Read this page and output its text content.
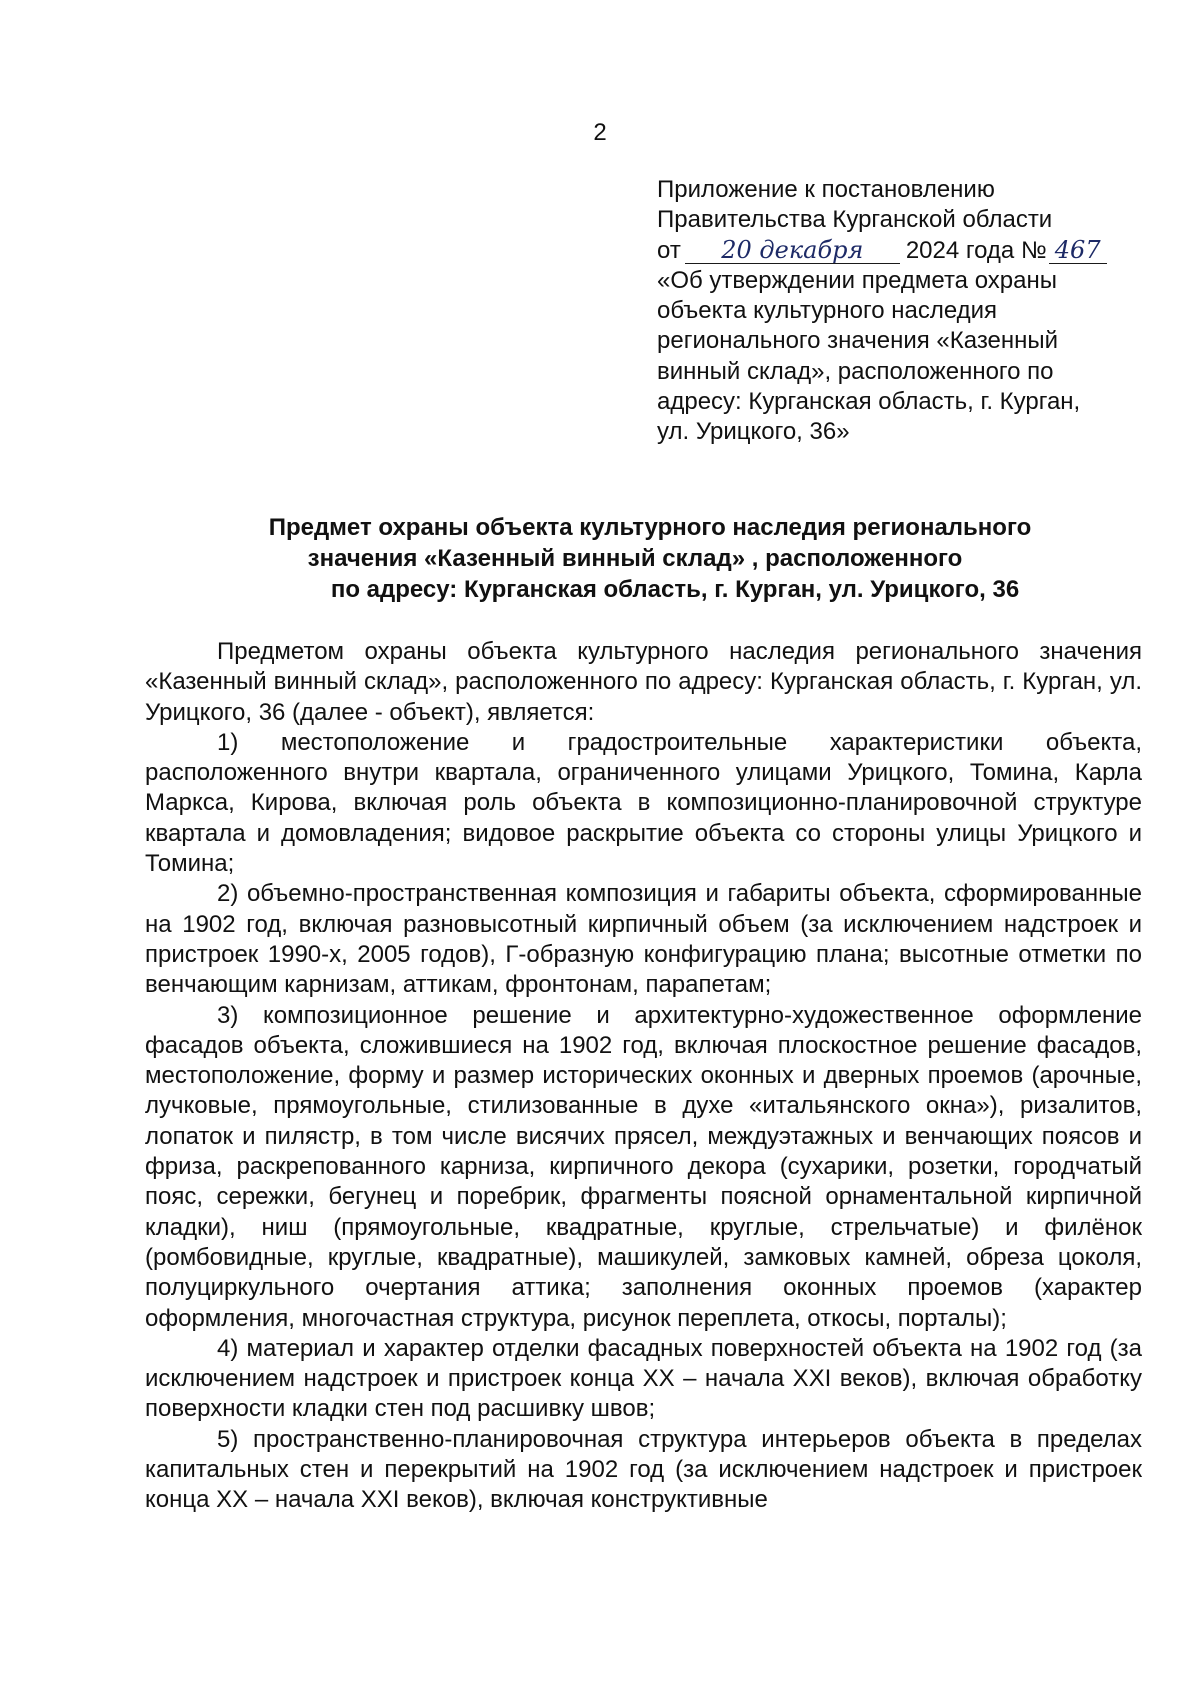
2
Приложение к постановлению
Правительства Курганской области
от 20 декабря 2024 года № 467
«Об утверждении предмета охраны
объекта культурного наследия
регионального значения «Казенный
винный склад», расположенного по
адресу: Курганская область, г. Курган,
ул. Урицкого, 36»
Предмет охраны объекта культурного наследия регионального
значения «Казенный винный склад» , расположенного
по адресу: Курганская область, г. Курган, ул. Урицкого, 36

Предметом охраны объекта культурного наследия регионального значения «Казенный винный склад», расположенного по адресу: Курганская область, г. Курган, ул. Урицкого, 36 (далее - объект), является:

1) местоположение и градостроительные характеристики объекта, расположенного внутри квартала, ограниченного улицами Урицкого, Томина, Карла Маркса, Кирова, включая роль объекта в композиционно-планировочной структуре квартала и домовладения; видовое раскрытие объекта со стороны улицы Урицкого и Томина;

2) объемно-пространственная композиция и габариты объекта, сформированные на 1902 год, включая разновысотный кирпичный объем (за исключением надстроек и пристроек 1990-х, 2005 годов), Г-образную конфигурацию плана; высотные отметки по венчающим карнизам, аттикам, фронтонам, парапетам;

3) композиционное решение и архитектурно-художественное оформление фасадов объекта, сложившиеся на 1902 год, включая плоскостное решение фасадов, местоположение, форму и размер исторических оконных и дверных проемов (арочные, лучковые, прямоугольные, стилизованные в духе «итальянского окна»), ризалитов, лопаток и пилястр, в том числе висячих прясел, междуэтажных и венчающих поясов и фриза, раскрепованного карниза, кирпичного декора (сухарики, розетки, городчатый пояс, сережки, бегунец и поребрик, фрагменты поясной орнаментальной кирпичной кладки), ниш (прямоугольные, квадратные, круглые, стрельчатые) и филёнок (ромбовидные, круглые, квадратные), машикулей, замковых камней, обреза цоколя, полуциркульного очертания аттика; заполнения оконных проемов (характер оформления, многочастная структура, рисунок переплета, откосы, порталы);

4) материал и характер отделки фасадных поверхностей объекта на 1902 год (за исключением надстроек и пристроек конца XX – начала XXI веков), включая обработку поверхности кладки стен под расшивку швов;

5) пространственно-планировочная структура интерьеров объекта в пределах капитальных стен и перекрытий на 1902 год (за исключением надстроек и пристроек конца XX – начала XXI веков), включая конструктивные
